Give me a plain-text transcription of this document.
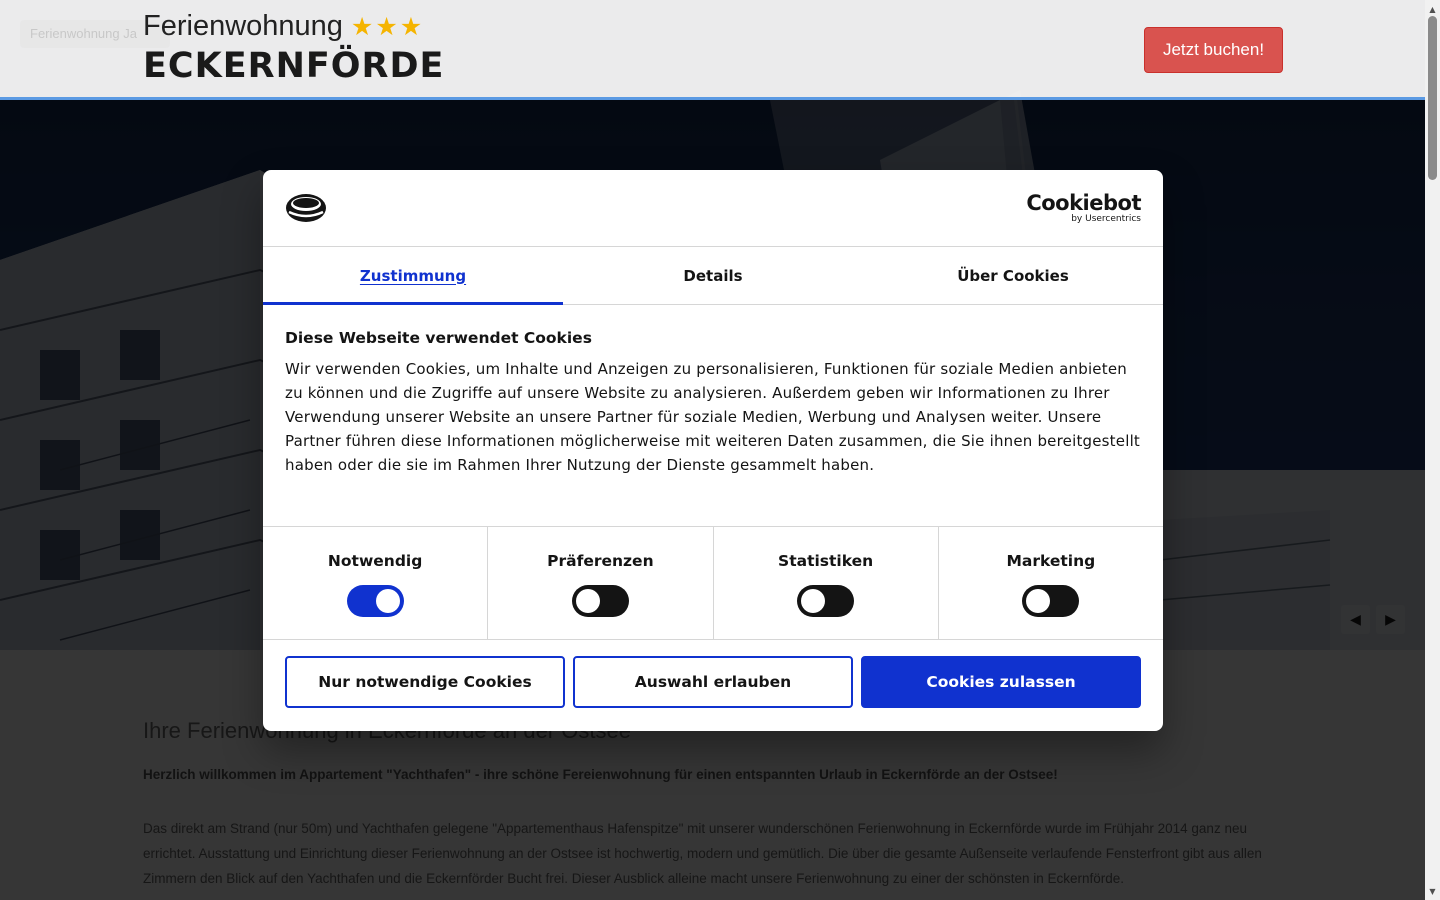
Ferienwohnung Ja Ferienwohnung ★★★
ECKERNFÖRDE	Jetzt buchen!
▲
▼
Cookiebot
by Usercentrics
Zustimmung	Details	Über Cookies
Diese Webseite verwendet Cookies
Wir verwenden Cookies, um Inhalte und Anzeigen zu personalisieren, Funktionen für soziale Medien anbieten zu können und die Zugriffe auf unsere Website zu analysieren. Außerdem geben wir Informationen zu Ihrer Verwendung unserer Website an unsere Partner für soziale Medien, Werbung und Analysen weiter. Unsere Partner führen diese Informationen möglicherweise mit weiteren Daten zusammen, die Sie ihnen bereitgestellt haben oder die sie im Rahmen Ihrer Nutzung der Dienste gesammelt haben.
Notwendig	Präferenzen	Statistiken	Marketing
Nur notwendige Cookies	Auswahl erlauben	Cookies zulassen
